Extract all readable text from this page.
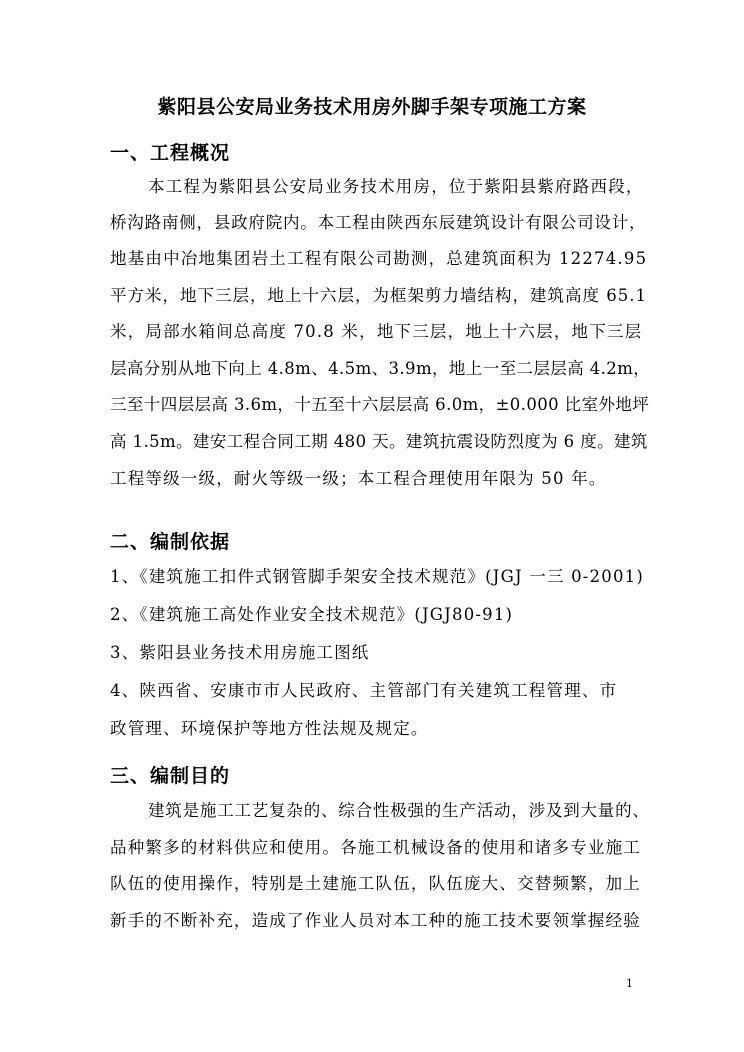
紫阳县公安局业务技术用房外脚手架专项施工方案
一、工程概况
本工程为紫阳县公安局业务技术用房，位于紫阳县紫府路西段，
桥沟路南侧，县政府院内。本工程由陕西东辰建筑设计有限公司设计，
地基由中冶地集团岩土工程有限公司勘测，总建筑面积为 12274.95
平方米，地下三层，地上十六层，为框架剪力墙结构，建筑高度 65.1
米，局部水箱间总高度 70.8 米，地下三层，地上十六层，地下三层
层高分别从地下向上 4.8m、4.5m、3.9m，地上一至二层层高 4.2m，
三至十四层层高 3.6m，十五至十六层层高 6.0m，±0.000 比室外地坪
高 1.5m。建安工程合同工期 480 天。建筑抗震设防烈度为 6 度。建筑
工程等级一级，耐火等级一级；本工程合理使用年限为 50 年。
二、编制依据
1、《建筑施工扣件式钢管脚手架安全技术规范》(JGJ 一三 0-2001)
2、《建筑施工高处作业安全技术规范》(JGJ80-91)
3、紫阳县业务技术用房施工图纸
4、陕西省、安康市市人民政府、主管部门有关建筑工程管理、市
政管理、环境保护等地方性法规及规定。
三、编制目的
建筑是施工工艺复杂的、综合性极强的生产活动，涉及到大量的、
品种繁多的材料供应和使用。各施工机械设备的使用和诸多专业施工
队伍的使用操作，特别是土建施工队伍，队伍庞大、交替频繁，加上
新手的不断补充，造成了作业人员对本工种的施工技术要领掌握经验
1
